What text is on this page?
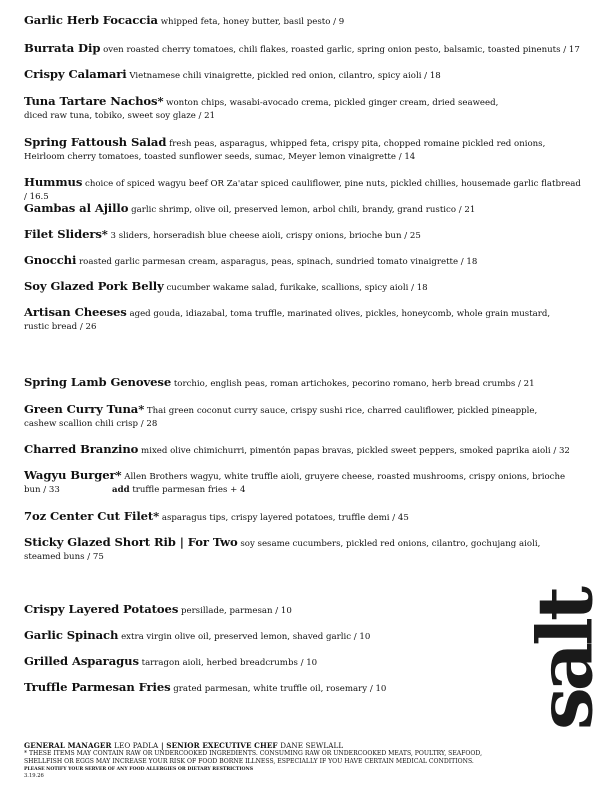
Garlic Herb Focaccia whipped feta, honey butter, basil pesto / 9
Burrata Dip oven roasted cherry tomatoes, chili flakes, roasted garlic, spring onion pesto, balsamic, toasted pinenuts / 17
Crispy Calamari Vietnamese chili vinaigrette, pickled red onion, cilantro, spicy aioli / 18
Tuna Tartare Nachos* wonton chips, wasabi-avocado crema, pickled ginger cream, dried seaweed,
diced raw tuna, tobiko, sweet soy glaze / 21
Spring Fattoush Salad fresh peas, asparagus, whipped feta, crispy pita, chopped romaine pickled red onions,
Heirloom cherry tomatoes, toasted sunflower seeds, sumac, Meyer lemon vinaigrette / 14
Hummus choice of spiced wagyu beef OR Za'atar spiced cauliflower, pine nuts, pickled chillies, housemade garlic flatbread / 16.5
Gambas al Ajillo garlic shrimp, olive oil, preserved lemon, arbol chili, brandy, grand rustico / 21
Filet Sliders* 3 sliders, horseradish blue cheese aioli, crispy onions, brioche bun / 25
Gnocchi roasted garlic parmesan cream, asparagus, peas, spinach, sundried tomato vinaigrette / 18
Soy Glazed Pork Belly cucumber wakame salad, furikake, scallions, spicy aioli / 18
Artisan Cheeses aged gouda, idiazabal, toma truffle, marinated olives, pickles, honeycomb, whole grain mustard,
rustic bread / 26
Spring Lamb Genovese torchio, english peas, roman artichokes, pecorino romano, herb bread crumbs / 21
Green Curry Tuna* Thai green coconut curry sauce, crispy sushi rice, charred cauliflower, pickled pineapple,
cashew scallion chili crisp / 28
Charred Branzino mixed olive chimichurri, pimentón papas bravas, pickled sweet peppers, smoked paprika aioli / 32
Wagyu Burger* Allen Brothers wagyu, white truffle aioli, gruyere cheese, roasted mushrooms, crispy onions, brioche bun / 33	add truffle parmesan fries + 4
7oz Center Cut Filet* asparagus tips, crispy layered potatoes, truffle demi / 45
Sticky Glazed Short Rib | For Two soy sesame cucumbers, pickled red onions, cilantro, gochujang aioli,
steamed buns / 75
Crispy Layered Potatoes persillade, parmesan / 10
Garlic Spinach extra virgin olive oil, preserved lemon, shaved garlic / 10
Grilled Asparagus tarragon aioli, herbed breadcrumbs / 10
Truffle Parmesan Fries grated parmesan, white truffle oil, rosemary / 10	salt
GENERAL MANAGER LEO PADLA | SENIOR EXECUTIVE CHEF DANE SEWLALL
* THESE ITEMS MAY CONTAIN RAW OR UNDERCOOKED INGREDIENTS. CONSUMING RAW OR UNDERCOOKED MEATS, POULTRY, SEAFOOD,
SHELLFISH OR EGGS MAY INCREASE YOUR RISK OF FOOD BORNE ILLNESS, ESPECIALLY IF YOU HAVE CERTAIN MEDICAL CONDITIONS.
PLEASE NOTIFY YOUR SERVER OF ANY FOOD ALLERGIES OR DIETARY RESTRICTIONS
3.19.26
